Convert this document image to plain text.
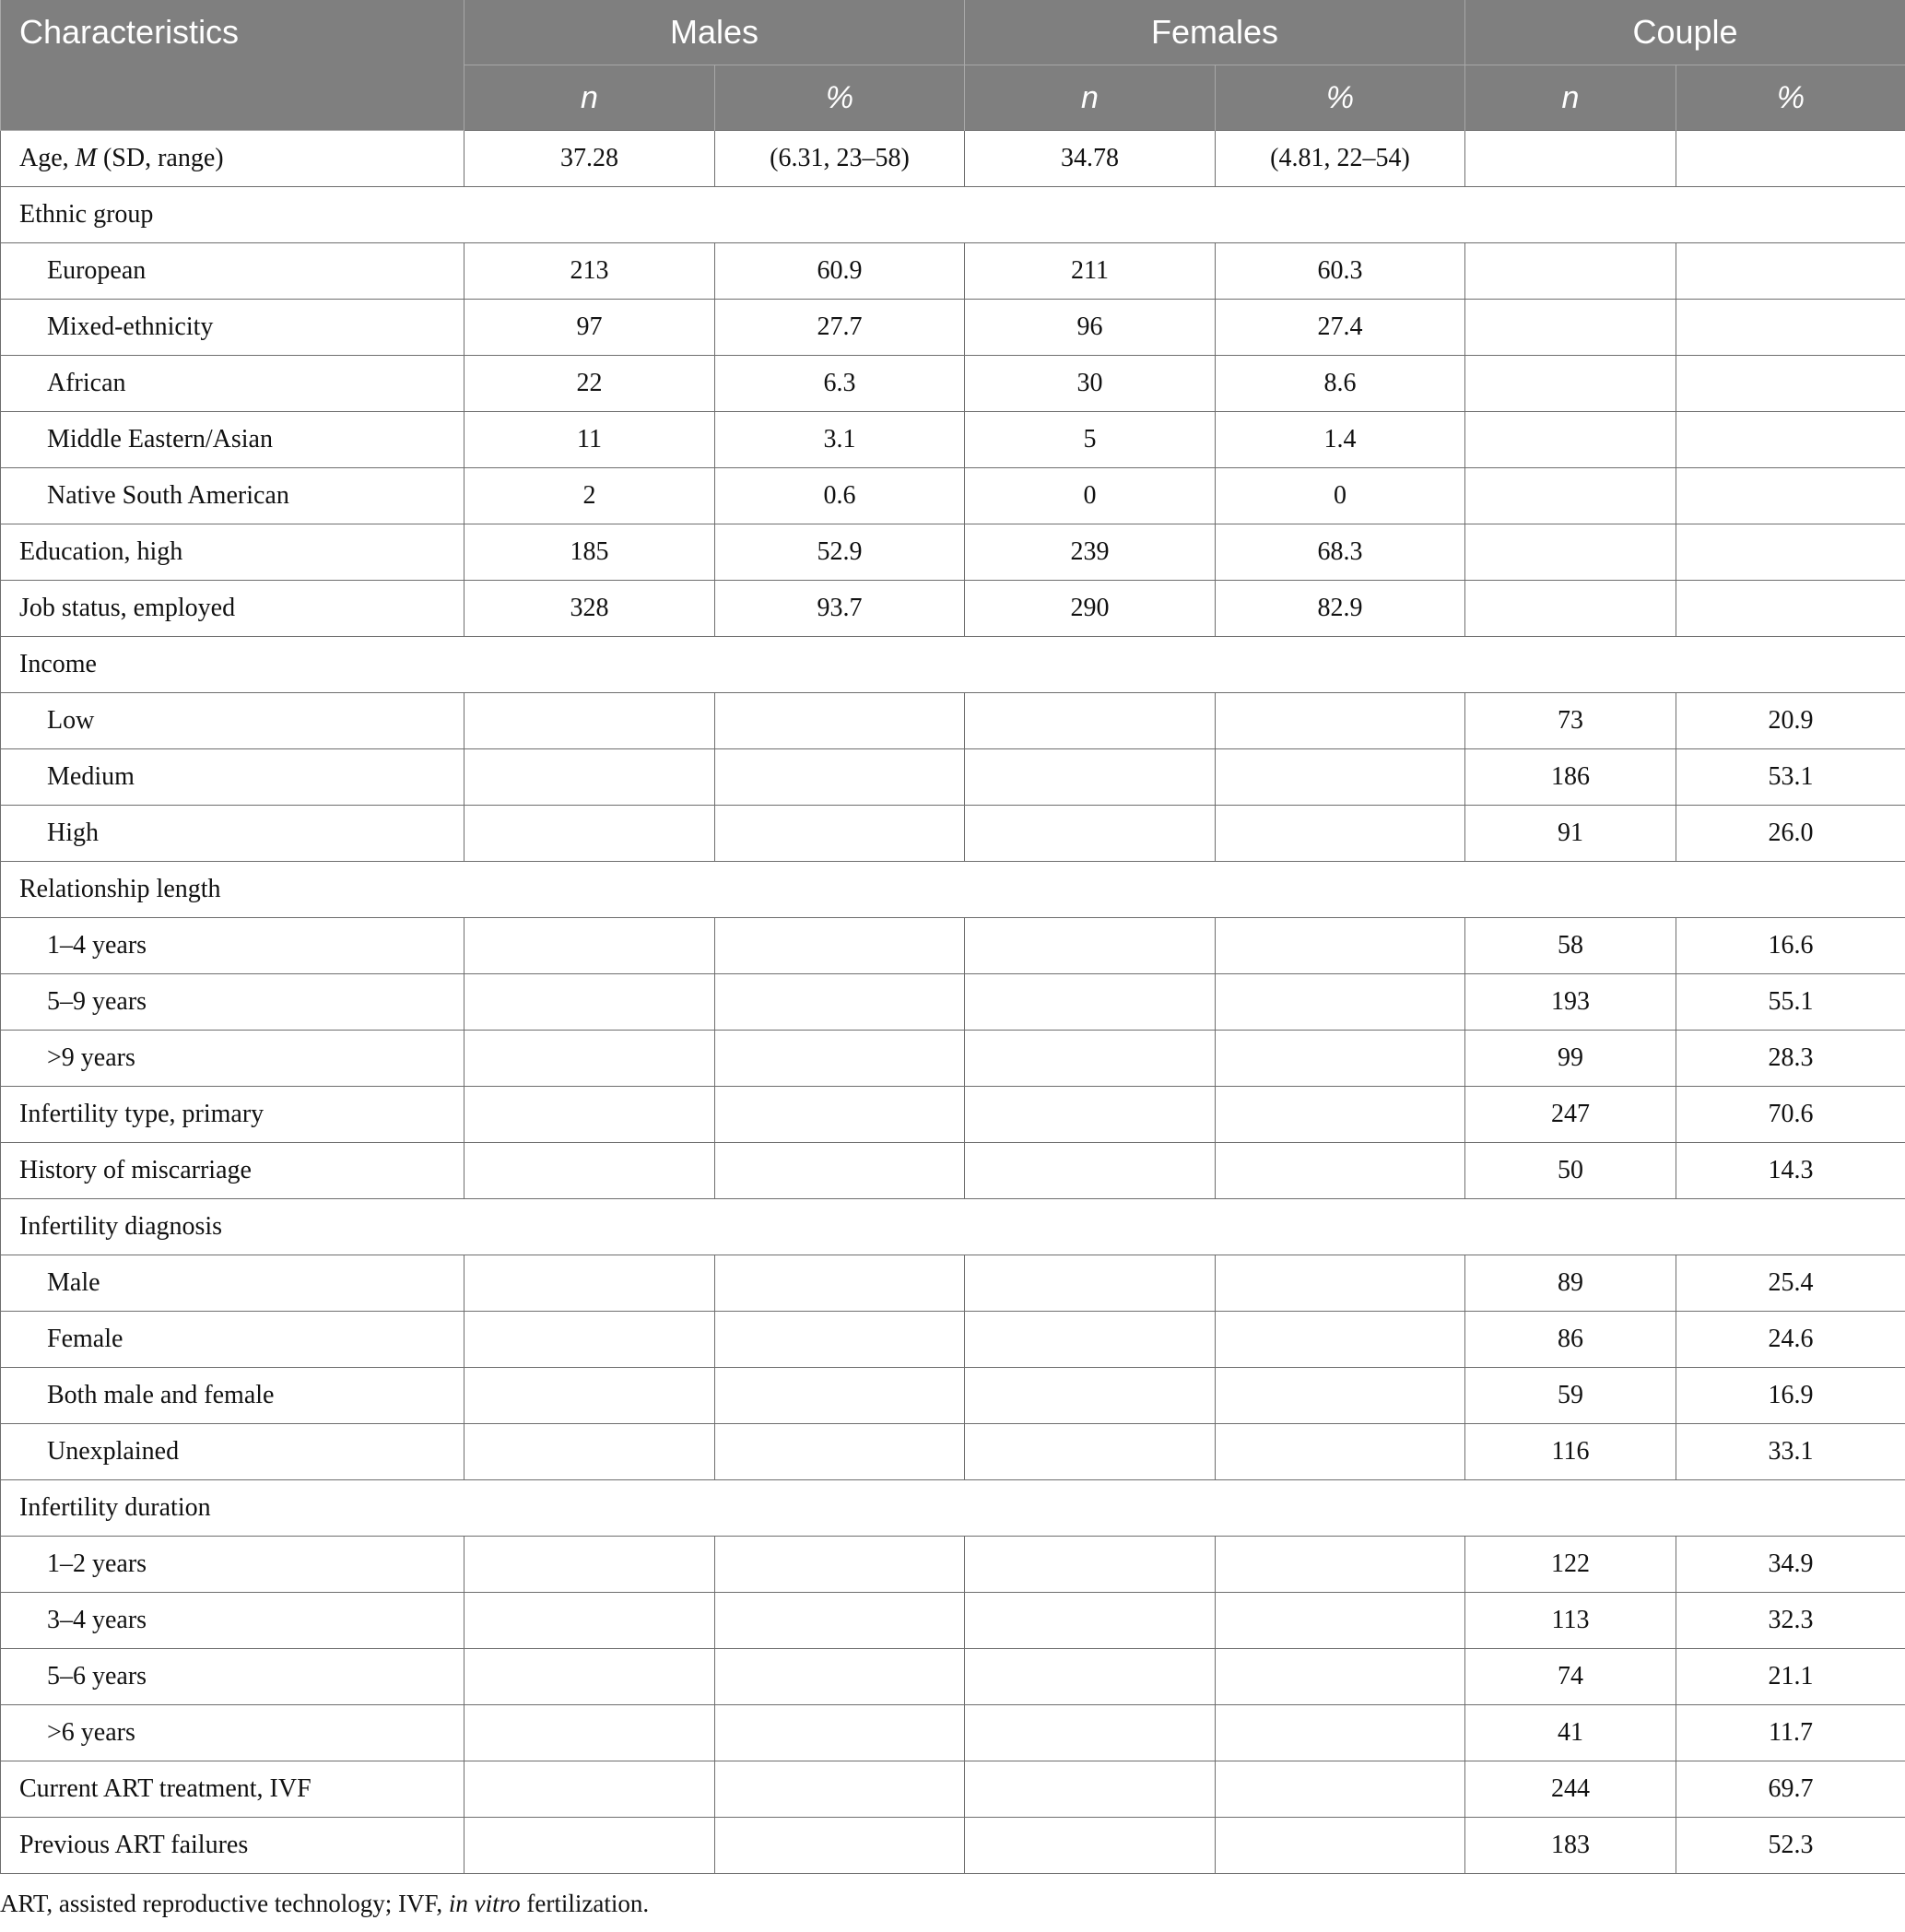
Characteristics	Males		Females		Couple	
	n	%	n	%	n	%
Age, M (SD, range)	37.28	(6.31, 23–58)	34.78	(4.81, 22–54)		
Ethnic group						
European	213	60.9	211	60.3		
Mixed-ethnicity	97	27.7	96	27.4		
African	22	6.3	30	8.6		
Middle Eastern/Asian	11	3.1	5	1.4		
Native South American	2	0.6	0	0		
Education, high	185	52.9	239	68.3		
Job status, employed	328	93.7	290	82.9		
Income						
Low					73	20.9
Medium					186	53.1
High					91	26.0
Relationship length						
1–4 years					58	16.6
5–9 years					193	55.1
>9 years					99	28.3
Infertility type, primary					247	70.6
History of miscarriage					50	14.3
Infertility diagnosis						
Male					89	25.4
Female					86	24.6
Both male and female					59	16.9
Unexplained					116	33.1
Infertility duration						
1–2 years					122	34.9
3–4 years					113	32.3
5–6 years					74	21.1
>6 years					41	11.7
Current ART treatment, IVF					244	69.7
Previous ART failures					183	52.3
ART, assisted reproductive technology; IVF, in vitro fertilization.
